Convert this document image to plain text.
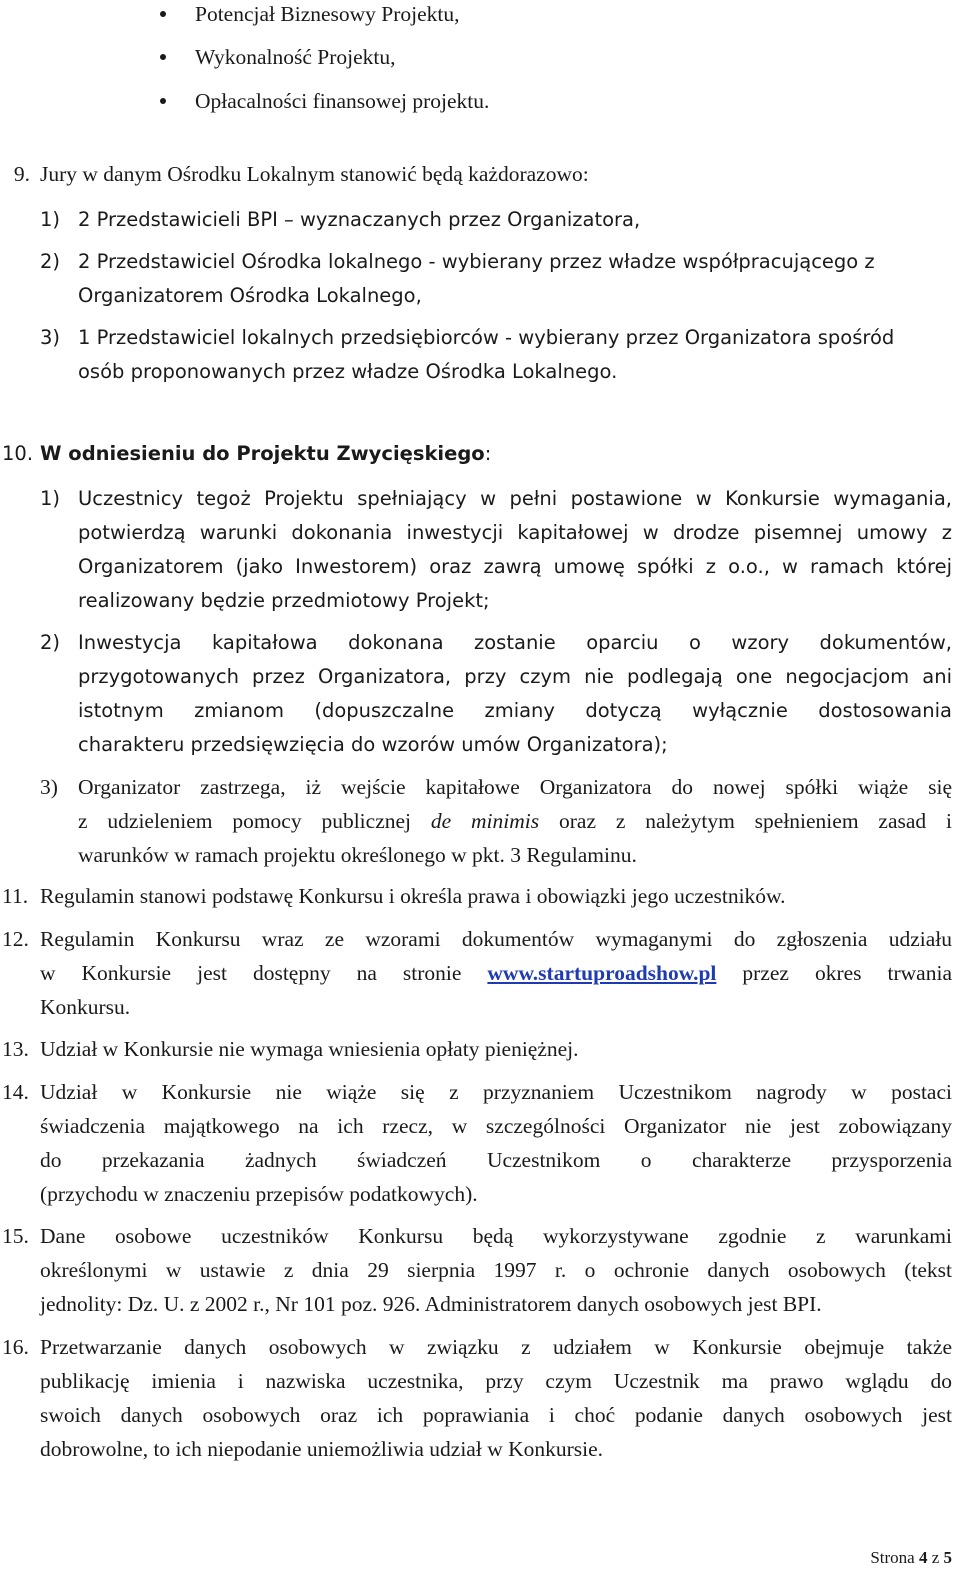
Potencjał Biznesowy Projektu,
Wykonalność Projektu,
Opłacalności finansowej projektu.
9. Jury w danym Ośrodku Lokalnym stanowić będą każdorazowo:
1) 2 Przedstawicieli BPI – wyznaczanych przez Organizatora,
2) 2 Przedstawiciel Ośrodka lokalnego - wybierany przez władze współpracującego z
Organizatorem Ośrodka Lokalnego,
3) 1 Przedstawiciel lokalnych przedsiębiorców - wybierany przez Organizatora spośród
osób proponowanych przez władze Ośrodka Lokalnego.
10. W odniesieniu do Projektu Zwycięskiego:
1) Uczestnicy tegoż Projektu spełniający w pełni postawione w Konkursie wymagania,
potwierdzą warunki dokonania inwestycji kapitałowej w drodze pisemnej umowy z
Organizatorem (jako Inwestorem) oraz zawrą umowę spółki z o.o., w ramach której
realizowany będzie przedmiotowy Projekt;
2) Inwestycja kapitałowa dokonana zostanie oparciu o wzory dokumentów,
przygotowanych przez Organizatora, przy czym nie podlegają one negocjacjom ani
istotnym zmianom (dopuszczalne zmiany dotyczą wyłącznie dostosowania
charakteru przedsięwzięcia do wzorów umów Organizatora);
3) Organizator zastrzega, iż wejście kapitałowe Organizatora do nowej spółki wiąże się
z udzieleniem pomocy publicznej de minimis oraz z należytym spełnieniem zasad i
warunków w ramach projektu określonego w pkt. 3 Regulaminu.
11. Regulamin stanowi podstawę Konkursu i określa prawa i obowiązki jego uczestników.
12. Regulamin Konkursu wraz ze wzorami dokumentów wymaganymi do zgłoszenia udziału
w Konkursie jest dostępny na stronie www.startuproadshow.pl przez okres trwania
Konkursu.
13. Udział w Konkursie nie wymaga wniesienia opłaty pieniężnej.
14. Udział w Konkursie nie wiąże się z przyznaniem Uczestnikom nagrody w postaci
świadczenia majątkowego na ich rzecz, w szczególności Organizator nie jest zobowiązany
do przekazania żadnych świadczeń Uczestnikom o charakterze przysporzenia
(przychodu w znaczeniu przepisów podatkowych).
15. Dane osobowe uczestników Konkursu będą wykorzystywane zgodnie z warunkami
określonymi w ustawie z dnia 29 sierpnia 1997 r. o ochronie danych osobowych (tekst
jednolity: Dz. U. z 2002 r., Nr 101 poz. 926. Administratorem danych osobowych jest BPI.
16. Przetwarzanie danych osobowych w związku z udziałem w Konkursie obejmuje także
publikację imienia i nazwiska uczestnika, przy czym Uczestnik ma prawo wglądu do
swoich danych osobowych oraz ich poprawiania i choć podanie danych osobowych jest
dobrowolne, to ich niepodanie uniemożliwia udział w Konkursie.
Strona 4 z 5
